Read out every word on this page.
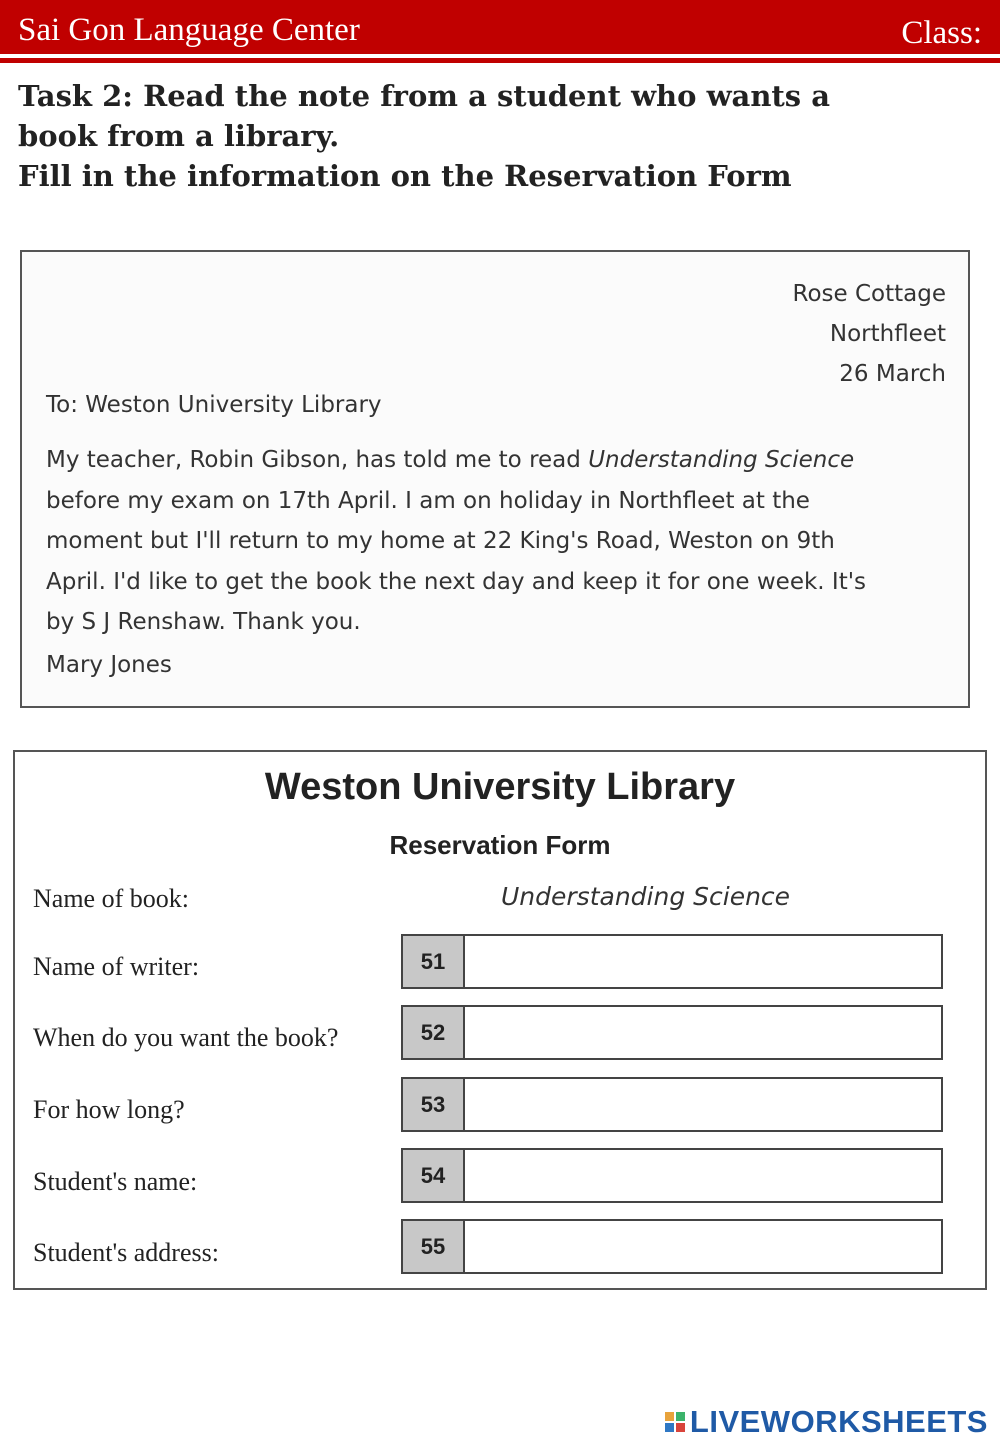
Sai Gon Language Center	Class:
Task 2: Read the note from a student who wants a
book from a library.
Fill in the information on the Reservation Form
Rose Cottage
Northfleet
26 March
To: Weston University Library
My teacher, Robin Gibson, has told me to read Understanding Science
before my exam on 17th April. I am on holiday in Northfleet at the
moment but I'll return to my home at 22 King's Road, Weston on 9th
April. I'd like to get the book the next day and keep it for one week. It's
by S J Renshaw. Thank you.
Mary Jones
Weston University Library
Reservation Form
Name of book:	Understanding Science
Name of writer:	51
When do you want the book?	52
For how long?	53
Student's name:	54
Student's address:	55
LIVEWORKSHEETS
